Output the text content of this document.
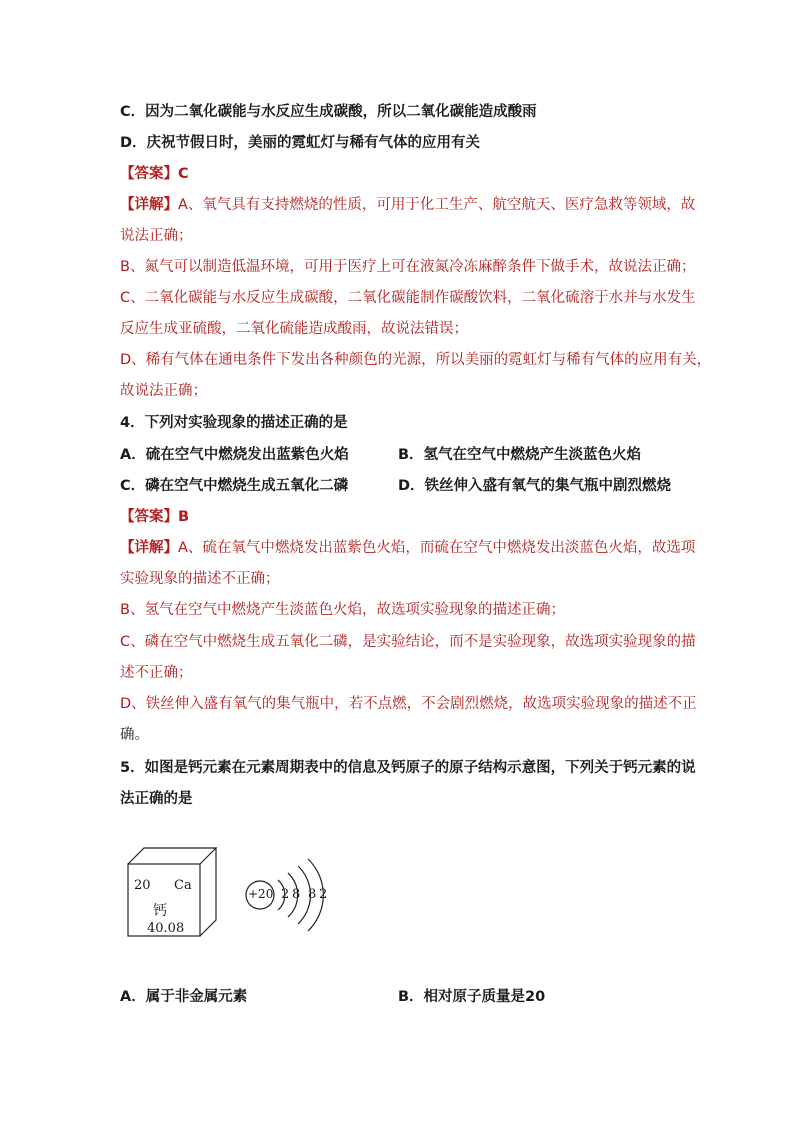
C．因为二氧化碳能与水反应生成碳酸，所以二氧化碳能造成酸雨
D．庆祝节假日时，美丽的霓虹灯与稀有气体的应用有关
【答案】C
【详解】A、氧气具有支持燃烧的性质，可用于化工生产、航空航天、医疗急救等领域，故
说法正确；
B、氮气可以制造低温环境，可用于医疗上可在液氮冷冻麻醉条件下做手术，故说法正确；
C、二氧化碳能与水反应生成碳酸，二氧化碳能制作碳酸饮料，二氧化硫溶于水并与水发生
反应生成亚硫酸，二氧化硫能造成酸雨，故说法错误；
D、稀有气体在通电条件下发出各种颜色的光源，所以美丽的霓虹灯与稀有气体的应用有关，
故说法正确；
4．下列对实验现象的描述正确的是
A．硫在空气中燃烧发出蓝紫色火焰	B．氢气在空气中燃烧产生淡蓝色火焰
C．磷在空气中燃烧生成五氧化二磷	D．铁丝伸入盛有氧气的集气瓶中剧烈燃烧
【答案】B
【详解】A、硫在氧气中燃烧发出蓝紫色火焰，而硫在空气中燃烧发出淡蓝色火焰，故选项
实验现象的描述不正确；
B、氢气在空气中燃烧产生淡蓝色火焰，故选项实验现象的描述正确；
C、磷在空气中燃烧生成五氧化二磷，是实验结论，而不是实验现象，故选项实验现象的描
述不正确；
D、铁丝伸入盛有氧气的集气瓶中，若不点燃，不会剧烈燃烧，故选项实验现象的描述不正
确。
5．如图是钙元素在元素周期表中的信息及钙原子的原子结构示意图，下列关于钙元素的说
法正确的是
20 Ca
钙
40.08
+20 2 8 8 2
A．属于非金属元素	B．相对原子质量是20
